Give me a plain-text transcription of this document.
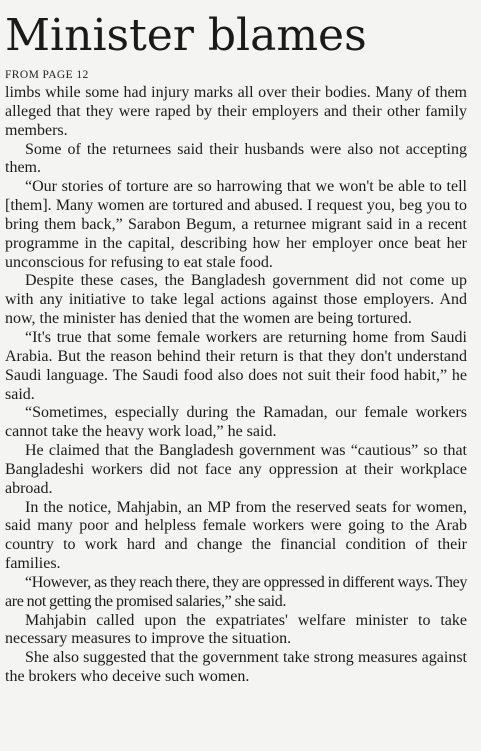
Minister blames
FROM PAGE 12

limbs while some had injury marks all over their bodies. Many of them alleged that they were raped by their employers and their other family members.

Some of the returnees said their husbands were also not accepting them.

“Our stories of torture are so harrowing that we won't be able to tell [them]. Many women are tortured and abused. I request you, beg you to bring them back,” Sarabon Begum, a returnee migrant said in a recent programme in the capital, describing how her employer once beat her unconscious for refusing to eat stale food.

Despite these cases, the Bangladesh government did not come up with any initiative to take legal actions against those employers. And now, the minister has denied that the women are being tortured.

“It's true that some female workers are returning home from Saudi Arabia. But the reason behind their return is that they don't understand Saudi language. The Saudi food also does not suit their food habit,” he said.

“Sometimes, especially during the Ramadan, our female workers cannot take the heavy work load,” he said.

He claimed that the Bangladesh government was “cautious” so that Bangladeshi workers did not face any oppression at their workplace abroad.

In the notice, Mahjabin, an MP from the reserved seats for women, said many poor and helpless female workers were going to the Arab country to work hard and change the financial condition of their families.

“However, as they reach there, they are oppressed in different ways. They are not getting the promised salaries,” she said.

Mahjabin called upon the expatriates' welfare minister to take necessary measures to improve the situation.

She also suggested that the government take strong measures against the brokers who deceive such women.
